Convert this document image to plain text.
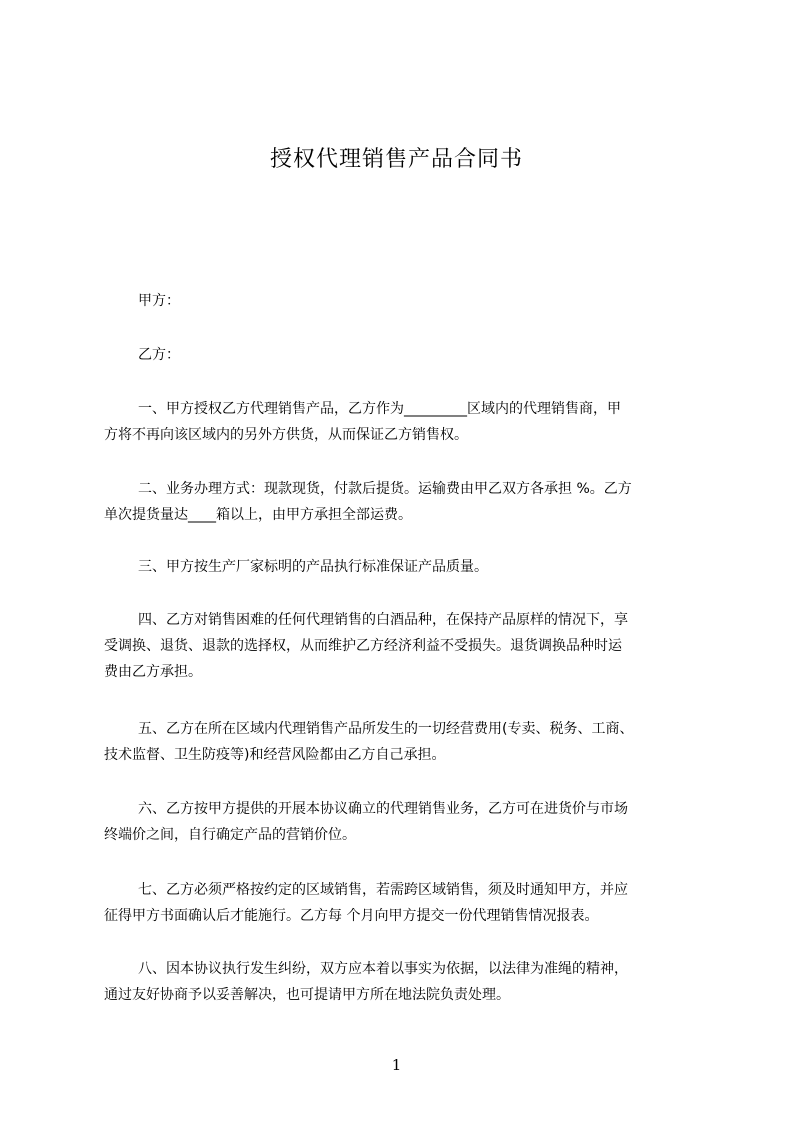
授权代理销售产品合同书
甲方：
乙方：
一、甲方授权乙方代理销售产品，乙方作为_________区域内的代理销售商，甲
方将不再向该区域内的另外方供货，从而保证乙方销售权。
二、业务办理方式：现款现货，付款后提货。运输费由甲乙双方各承担 %。乙方
单次提货量达____箱以上，由甲方承担全部运费。
三、甲方按生产厂家标明的产品执行标准保证产品质量。
四、乙方对销售困难的任何代理销售的白酒品种，在保持产品原样的情况下，享
受调换、退货、退款的选择权，从而维护乙方经济利益不受损失。退货调换品种时运
费由乙方承担。
五、乙方在所在区域内代理销售产品所发生的一切经营费用(专卖、税务、工商、
技术监督、卫生防疫等)和经营风险都由乙方自己承担。
六、乙方按甲方提供的开展本协议确立的代理销售业务，乙方可在进货价与市场
终端价之间，自行确定产品的营销价位。
七、乙方必须严格按约定的区域销售，若需跨区域销售，须及时通知甲方，并应
征得甲方书面确认后才能施行。乙方每 个月向甲方提交一份代理销售情况报表。
八、因本协议执行发生纠纷，双方应本着以事实为依据，以法律为准绳的精神，
通过友好协商予以妥善解决，也可提请甲方所在地法院负责处理。
1
